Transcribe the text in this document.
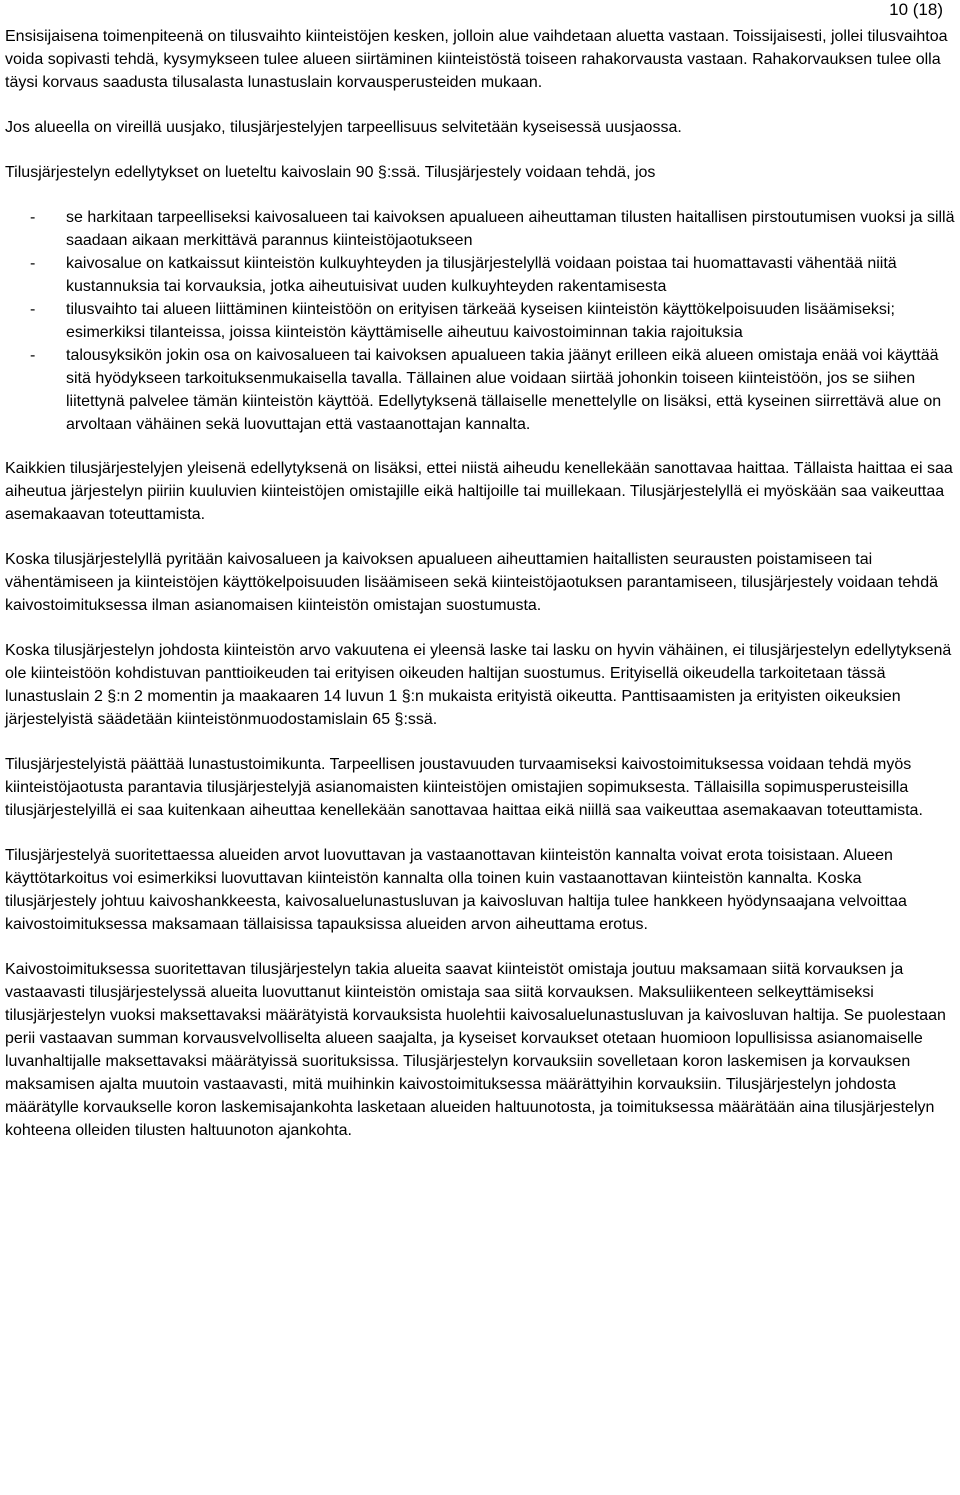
10 (18)

Ensisijaisena toimenpiteenä on tilusvaihto kiinteistöjen kesken, jolloin alue vaihdetaan aluetta vastaan. Toissijaisesti, jollei tilusvaihtoa voida sopivasti tehdä, kysymykseen tulee alueen siirtäminen kiinteistöstä toiseen rahakorvausta vastaan. Rahakorvauksen tulee olla täysi korvaus saadusta tilusalasta lunastuslain korvausperusteiden mukaan.

Jos alueella on vireillä uusjako, tilusjärjestelyjen tarpeellisuus selvitetään kyseisessä uusjaossa.

Tilusjärjestelyn edellytykset on lueteltu kaivoslain 90 §:ssä. Tilusjärjestely voidaan tehdä, jos

- se harkitaan tarpeelliseksi kaivosalueen tai kaivoksen apualueen aiheuttaman tilusten haitallisen pirstoutumisen vuoksi ja sillä saadaan aikaan merkittävä parannus kiinteistöjaotukseen
- kaivosalue on katkaissut kiinteistön kulkuyhteyden ja tilusjärjestelyllä voidaan poistaa tai huomattavasti vähentää niitä kustannuksia tai korvauksia, jotka aiheutuisivat uuden kulkuyhteyden rakentamisesta
- tilusvaihto tai alueen liittäminen kiinteistöön on erityisen tärkeää kyseisen kiinteistön käyttökelpoisuuden lisäämiseksi; esimerkiksi tilanteissa, joissa kiinteistön käyttämiselle aiheutuu kaivostoiminnan takia rajoituksia
- talousyksikön jokin osa on kaivosalueen tai kaivoksen apualueen takia jäänyt erilleen eikä alueen omistaja enää voi käyttää sitä hyödykseen tarkoituksenmukaisella tavalla. Tällainen alue voidaan siirtää johonkin toiseen kiinteistöön, jos se siihen liitettynä palvelee tämän kiinteistön käyttöä. Edellytyksenä tällaiselle menettelylle on lisäksi, että kyseinen siirrettävä alue on arvoltaan vähäinen sekä luovuttajan että vastaanottajan kannalta.

Kaikkien tilusjärjestelyjen yleisenä edellytyksenä on lisäksi, ettei niistä aiheudu kenellekään sanottavaa haittaa. Tällaista haittaa ei saa aiheutua järjestelyn piiriin kuuluvien kiinteistöjen omistajille eikä haltijoille tai muillekaan. Tilusjärjestelyllä ei myöskään saa vaikeuttaa asemakaavan toteuttamista.

Koska tilusjärjestelyllä pyritään kaivosalueen ja kaivoksen apualueen aiheuttamien haitallisten seurausten poistamiseen tai vähentämiseen ja kiinteistöjen käyttökelpoisuuden lisäämiseen sekä kiinteistöjaotuksen parantamiseen, tilusjärjestely voidaan tehdä kaivostoimituksessa ilman asianomaisen kiinteistön omistajan suostumusta.

Koska tilusjärjestelyn johdosta kiinteistön arvo vakuutena ei yleensä laske tai lasku on hyvin vähäinen, ei tilusjärjestelyn edellytyksenä ole kiinteistöön kohdistuvan panttioikeuden tai erityisen oikeuden haltijan suostumus. Erityisellä oikeudella tarkoitetaan tässä lunastuslain 2 §:n 2 momentin ja maakaaren 14 luvun 1 §:n mukaista erityistä oikeutta. Panttisaamisten ja erityisten oikeuksien järjestelyistä säädetään kiinteistönmuodostamislain 65 §:ssä.

Tilusjärjestelyistä päättää lunastustoimikunta. Tarpeellisen joustavuuden turvaamiseksi kaivostoimituksessa voidaan tehdä myös kiinteistöjaotusta parantavia tilusjärjestelyjä asianomaisten kiinteistöjen omistajien sopimuksesta. Tällaisilla sopimusperusteisilla tilusjärjestelyillä ei saa kuitenkaan aiheuttaa kenellekään sanottavaa haittaa eikä niillä saa vaikeuttaa asemakaavan toteuttamista.

Tilusjärjestelyä suoritettaessa alueiden arvot luovuttavan ja vastaanottavan kiinteistön kannalta voivat erota toisistaan. Alueen käyttötarkoitus voi esimerkiksi luovuttavan kiinteistön kannalta olla toinen kuin vastaanottavan kiinteistön kannalta. Koska tilusjärjestely johtuu kaivoshankkeesta, kaivosaluelunastusluvan ja kaivosluvan haltija tulee hankkeen hyödynsaajana velvoittaa kaivostoimituksessa maksamaan tällaisissa tapauksissa alueiden arvon aiheuttama erotus.

Kaivostoimituksessa suoritettavan tilusjärjestelyn takia alueita saavat kiinteistöt omistaja joutuu maksamaan siitä korvauksen ja vastaavasti tilusjärjestelyssä alueita luovuttanut kiinteistön omistaja saa siitä korvauksen. Maksuliikenteen selkeyttämiseksi tilusjärjestelyn vuoksi maksettavaksi määrätyistä korvauksista huolehtii kaivosaluelunastusluvan ja kaivosluvan haltija. Se puolestaan perii vastaavan summan korvausvelvolliselta alueen saajalta, ja kyseiset korvaukset otetaan huomioon lopullisissa asianomaiselle luvanhaltijalle maksettavaksi määrätyissä suorituksissa. Tilusjärjestelyn korvauksiin sovelletaan koron laskemisen ja korvauksen maksamisen ajalta muutoin vastaavasti, mitä muihinkin kaivostoimituksessa määrättyihin korvauksiin. Tilusjärjestelyn johdosta määrätylle korvaukselle koron laskemisajankohta lasketaan alueiden haltuunotosta, ja toimituksessa määrätään aina tilusjärjestelyn kohteena olleiden tilusten haltuunoton ajankohta.
